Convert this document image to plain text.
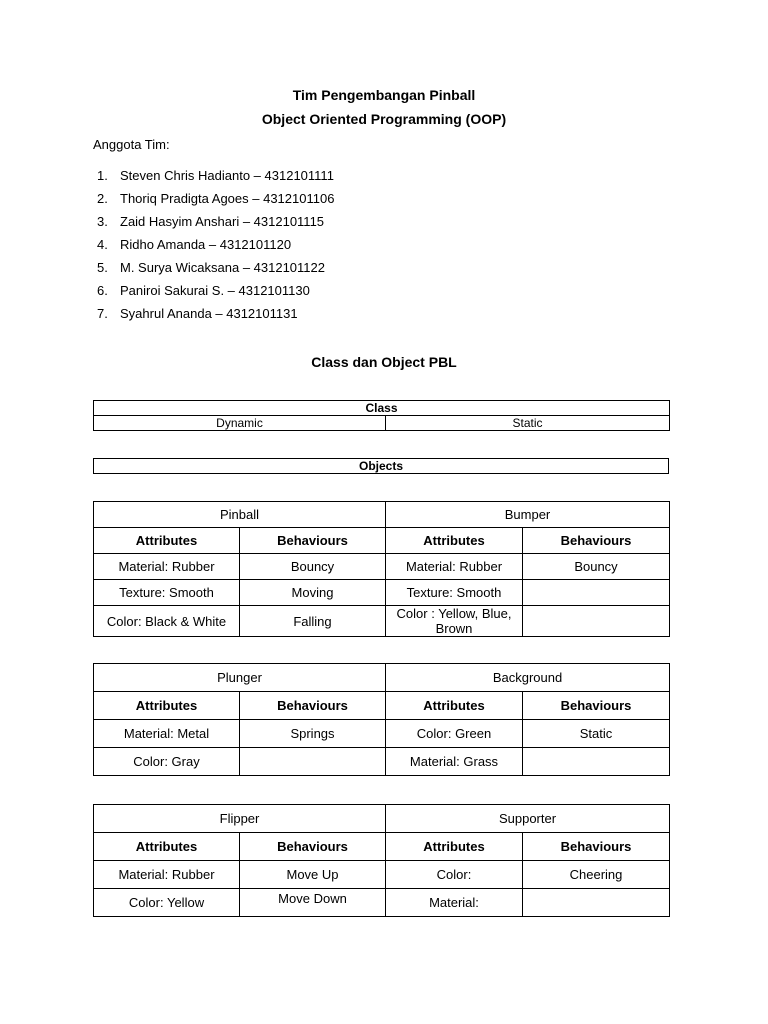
Tim Pengembangan Pinball
Object Oriented Programming (OOP)
Anggota Tim:
1. Steven Chris Hadianto – 4312101111
2. Thoriq Pradigta Agoes – 4312101106
3. Zaid Hasyim Anshari – 4312101115
4. Ridho Amanda – 4312101120
5. M. Surya Wicaksana – 4312101122
6. Paniroi Sakurai S. – 4312101130
7. Syahrul Ananda – 4312101131
Class dan Object PBL
Class
Dynamic	Static
Objects
Pinball		Bumper	
Attributes	Behaviours	Attributes	Behaviours
Material: Rubber	Bouncy	Material: Rubber	Bouncy
Texture: Smooth	Moving	Texture: Smooth	
Color: Black & White	Falling	Color : Yellow, Blue, Brown	
Plunger		Background	
Attributes	Behaviours	Attributes	Behaviours
Material: Metal	Springs	Color: Green	Static
Color: Gray		Material: Grass	
Flipper		Supporter	
Attributes	Behaviours	Attributes	Behaviours
Material: Rubber	Move Up	Color:	Cheering
Color: Yellow	Move Down	Material:	
